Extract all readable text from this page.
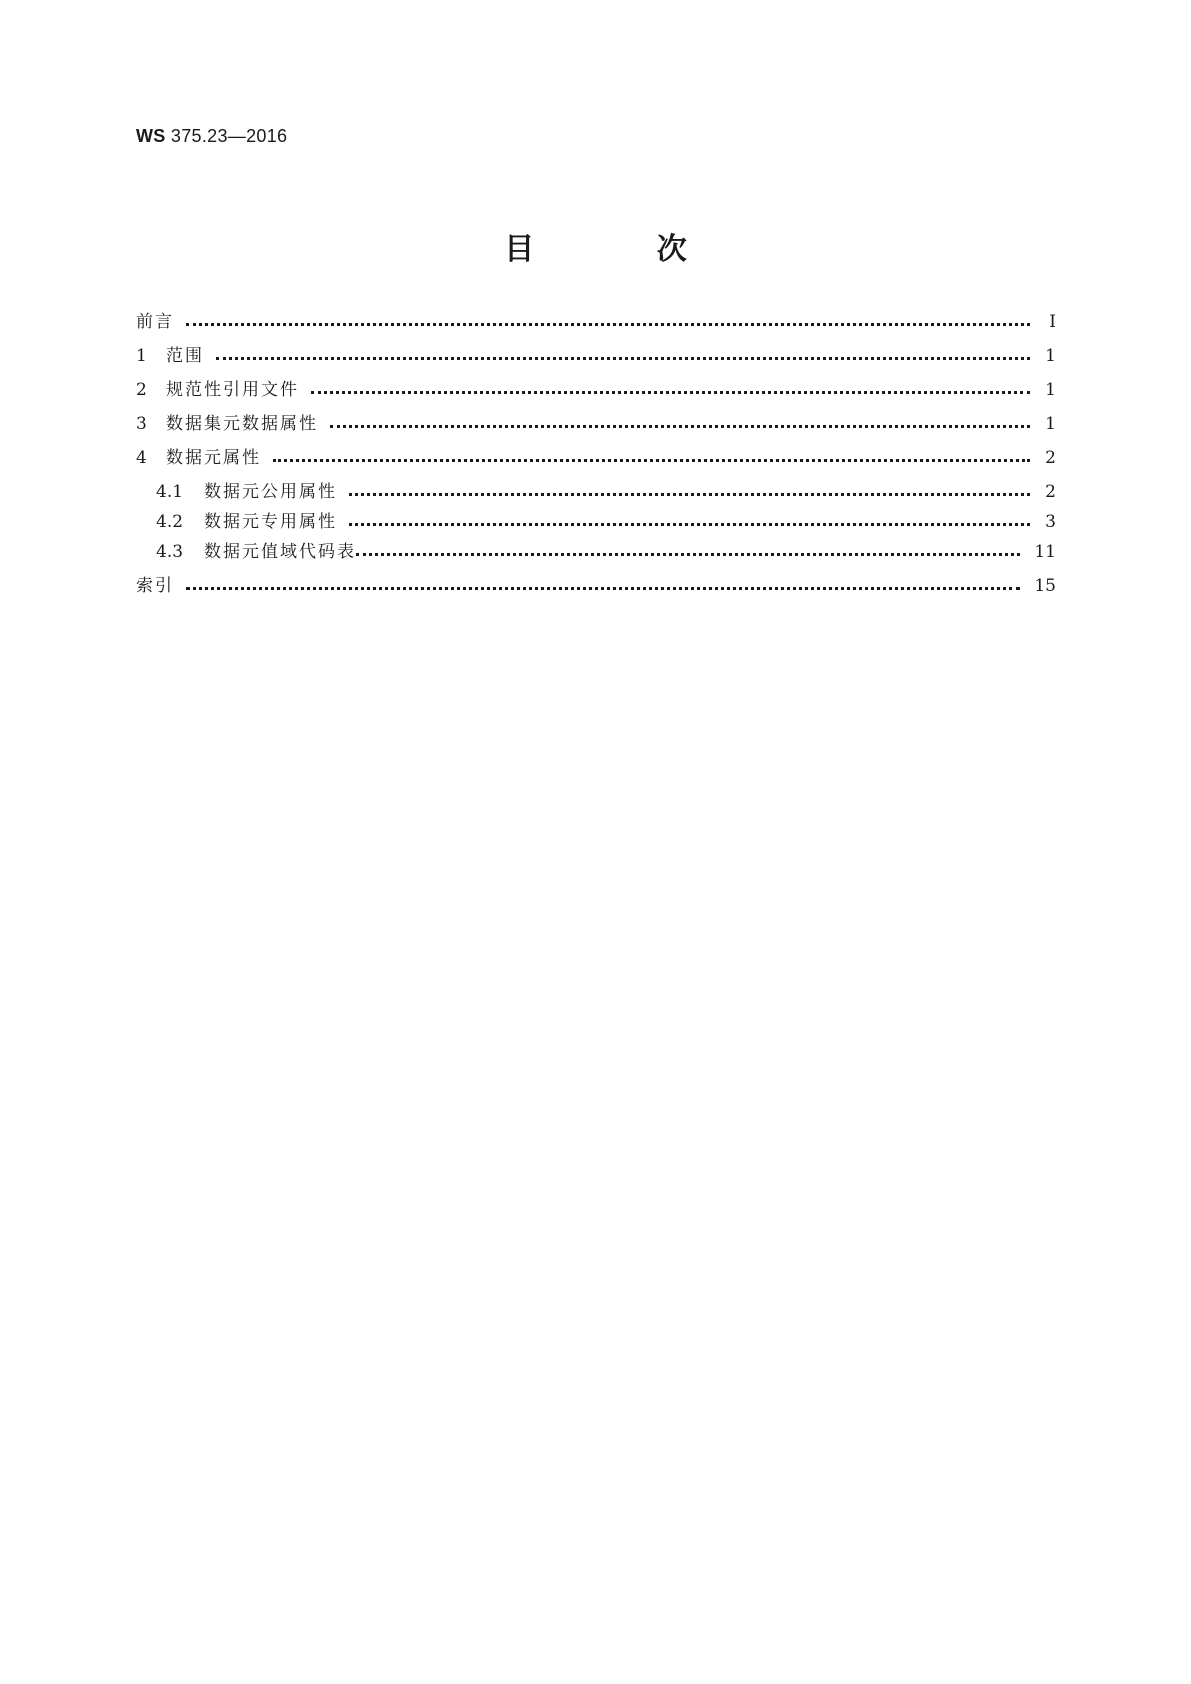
WS 375.23—2016
目 次
前言	Ⅰ
1	范围	1
2	规范性引用文件	1
3	数据集元数据属性	1
4	数据元属性	2
4.1	数据元公用属性	2
4.2	数据元专用属性	3
4.3	数据元值域代码表	11
索引	15
